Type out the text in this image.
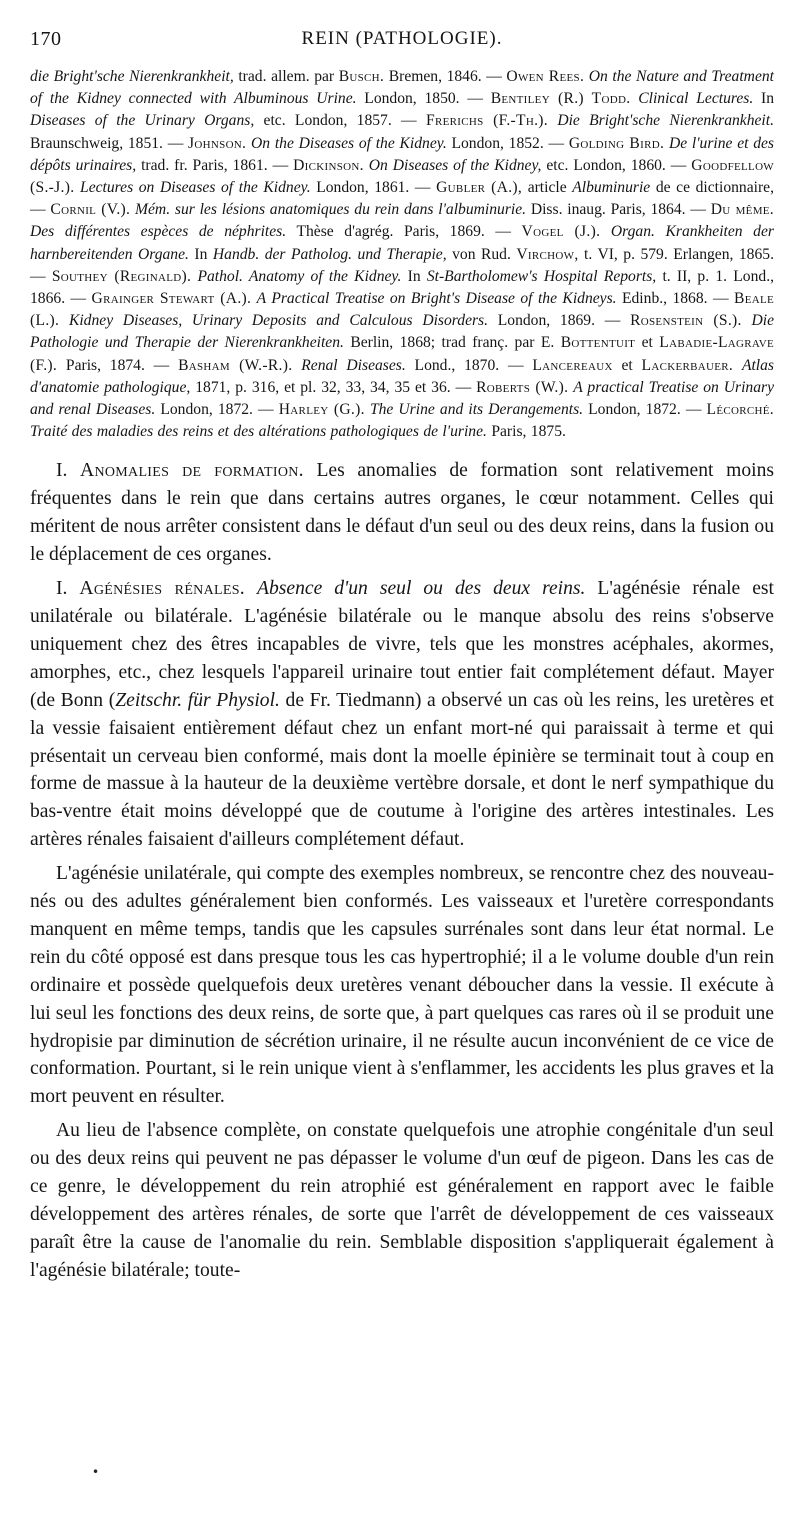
170	REIN (PATHOLOGIE).
die Bright'sche Nierenkrankheit, trad. allem. par Busch. Bremen, 1846. — Owen Rees. On the Nature and Treatment of the Kidney connected with Albuminous Urine. London, 1850. — Bentiley (R.) Todd. Clinical Lectures. In Diseases of the Urinary Organs, etc. London, 1857. — Frerichs (F.-Th.). Die Bright'sche Nierenkrankheit. Braunschweig, 1851. — Johnson. On the Diseases of the Kidney. London, 1852. — Golding Bird. De l'urine et des dépôts urinaires, trad. fr. Paris, 1861. — Dickinson. On Diseases of the Kidney, etc. London, 1860. — Goodfellow (S.-J.). Lectures on Diseases of the Kidney. London, 1861. — Gubler (A.), article Albuminurie de ce dictionnaire, — Cornil (V.). Mém. sur les lésions anatomiques du rein dans l'albuminurie. Diss. inaug. Paris, 1864. — Du même. Des différentes espèces de néphrites. Thèse d'agrég. Paris, 1869. — Vogel (J.). Organ. Krankheiten der harnbereitenden Organe. In Handb. der Patholog. und Therapie, von Rud. Virchow, t. VI, p. 579. Erlangen, 1865. — Southey (Reginald). Pathol. Anatomy of the Kidney. In St-Bartholomew's Hospital Reports, t. II, p. 1. Lond., 1866. — Grainger Stewart (A.). A Practical Treatise on Bright's Disease of the Kidneys. Edinb., 1868. — Beale (L.). Kidney Diseases, Urinary Deposits and Calculous Disorders. London, 1869. — Rosenstein (S.). Die Pathologie und Therapie der Nierenkrankheiten. Berlin, 1868; trad franç. par E. Bottentuit et Labadie-Lagrave (F.). Paris, 1874. — Basham (W.-R.). Renal Diseases. Lond., 1870. — Lancereaux et Lackerbauer. Atlas d'anatomie pathologique, 1871, p. 316, et pl. 32, 33, 34, 35 et 36. — Roberts (W.). A practical Treatise on Urinary and renal Diseases. London, 1872. — Harley (G.). The Urine and its Derangements. London, 1872. — Lécorché. Traité des maladies des reins et des altérations pathologiques de l'urine. Paris, 1875.

I. Anomalies de formation. Les anomalies de formation sont relativement moins fréquentes dans le rein que dans certains autres organes, le cœur notamment. Celles qui méritent de nous arrêter consistent dans le défaut d'un seul ou des deux reins, dans la fusion ou le déplacement de ces organes.

I. Agénésies rénales. Absence d'un seul ou des deux reins. L'agénésie rénale est unilatérale ou bilatérale. L'agénésie bilatérale ou le manque absolu des reins s'observe uniquement chez des êtres incapables de vivre, tels que les monstres acéphales, akormes, amorphes, etc., chez lesquels l'appareil urinaire tout entier fait complétement défaut. Mayer (de Bonn (Zeitschr. für Physiol. de Fr. Tiedmann) a observé un cas où les reins, les uretères et la vessie faisaient entièrement défaut chez un enfant mort-né qui paraissait à terme et qui présentait un cerveau bien conformé, mais dont la moelle épinière se terminait tout à coup en forme de massue à la hauteur de la deuxième vertèbre dorsale, et dont le nerf sympathique du bas-ventre était moins développé que de coutume à l'origine des artères intestinales. Les artères rénales faisaient d'ailleurs complétement défaut.

L'agénésie unilatérale, qui compte des exemples nombreux, se rencontre chez des nouveau-nés ou des adultes généralement bien conformés. Les vaisseaux et l'uretère correspondants manquent en même temps, tandis que les capsules surrénales sont dans leur état normal. Le rein du côté opposé est dans presque tous les cas hypertrophié; il a le volume double d'un rein ordinaire et possède quelquefois deux uretères venant déboucher dans la vessie. Il exécute à lui seul les fonctions des deux reins, de sorte que, à part quelques cas rares où il se produit une hydropisie par diminution de sécrétion urinaire, il ne résulte aucun inconvénient de ce vice de conformation. Pourtant, si le rein unique vient à s'enflammer, les accidents les plus graves et la mort peuvent en résulter.

Au lieu de l'absence complète, on constate quelquefois une atrophie congénitale d'un seul ou des deux reins qui peuvent ne pas dépasser le volume d'un œuf de pigeon. Dans les cas de ce genre, le développement du rein atrophié est généralement en rapport avec le faible développement des artères rénales, de sorte que l'arrêt de développement de ces vaisseaux paraît être la cause de l'anomalie du rein. Semblable disposition s'appliquerait également à l'agénésie bilatérale; toute-

•
